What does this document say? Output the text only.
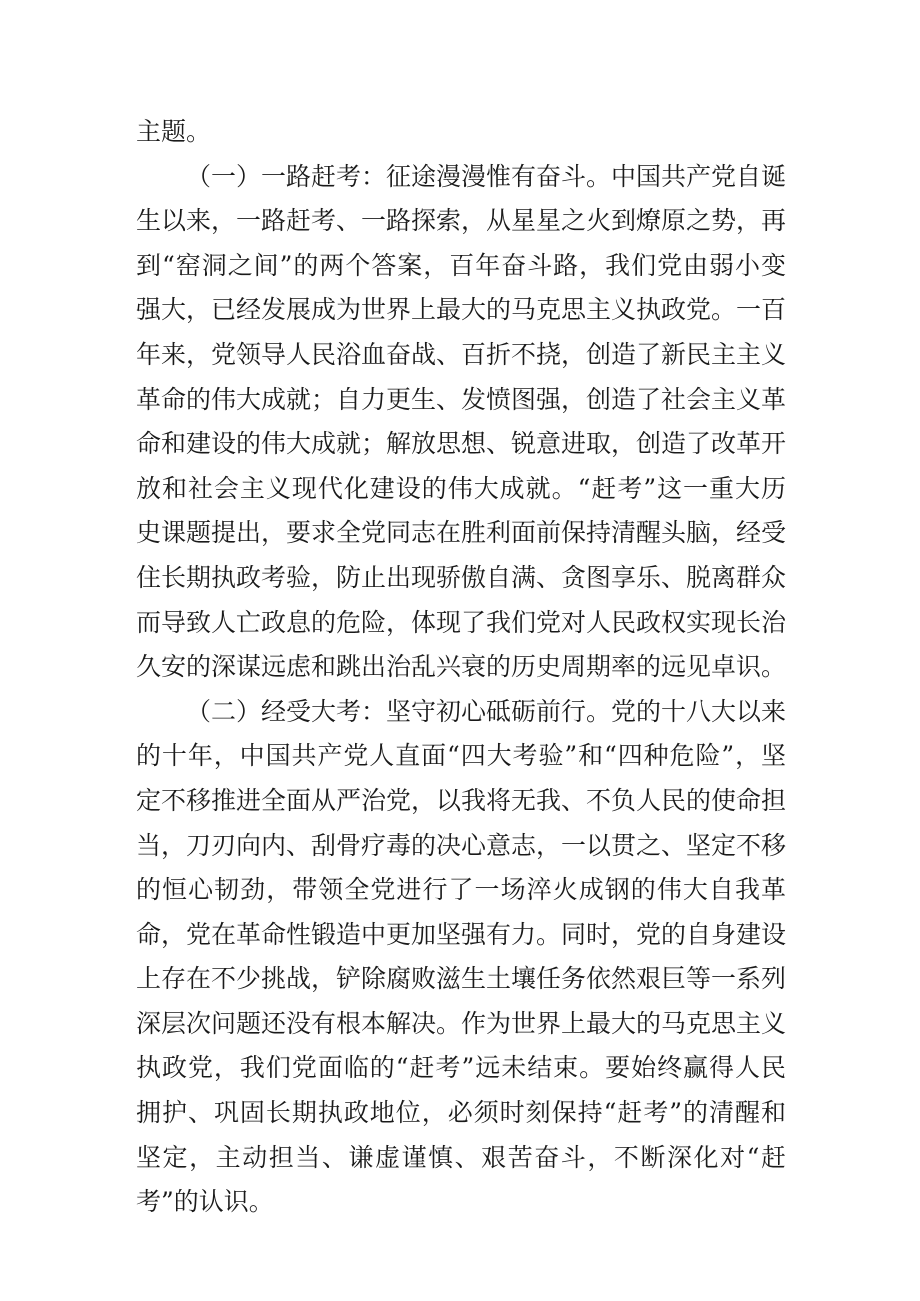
主题。

（一）一路赶考：征途漫漫惟有奋斗。中国共产党自诞生以来，一路赶考、一路探索，从星星之火到燎原之势，再到“窑洞之间”的两个答案，百年奋斗路，我们党由弱小变强大，已经发展成为世界上最大的马克思主义执政党。一百年来，党领导人民浴血奋战、百折不挠，创造了新民主主义革命的伟大成就；自力更生、发愤图强，创造了社会主义革命和建设的伟大成就；解放思想、锐意进取，创造了改革开放和社会主义现代化建设的伟大成就。“赶考”这一重大历史课题提出，要求全党同志在胜利面前保持清醒头脑，经受住长期执政考验，防止出现骄傲自满、贪图享乐、脱离群众而导致人亡政息的危险，体现了我们党对人民政权实现长治久安的深谋远虑和跳出治乱兴衰的历史周期率的远见卓识。

（二）经受大考：坚守初心砥砺前行。党的十八大以来的十年，中国共产党人直面“四大考验”和“四种危险”，坚定不移推进全面从严治党，以我将无我、不负人民的使命担当，刀刃向内、刮骨疗毒的决心意志，一以贯之、坚定不移的恒心韧劲，带领全党进行了一场淬火成钢的伟大自我革命，党在革命性锻造中更加坚强有力。同时，党的自身建设上存在不少挑战，铲除腐败滋生土壤任务依然艰巨等一系列深层次问题还没有根本解决。作为世界上最大的马克思主义执政党，我们党面临的“赶考”远未结束。要始终赢得人民拥护、巩固长期执政地位，必须时刻保持“赶考”的清醒和坚定，主动担当、谦虚谨慎、艰苦奋斗，不断深化对“赶考”的认识。
